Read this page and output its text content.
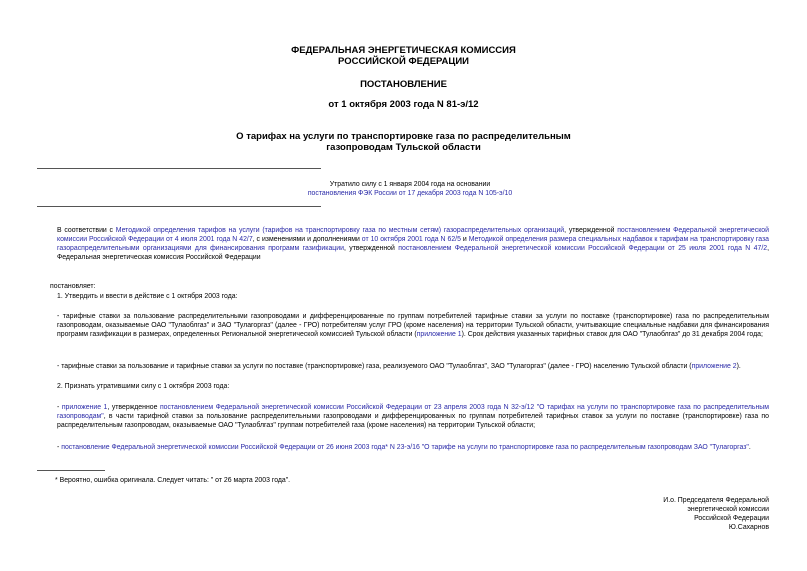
ФЕДЕРАЛЬНАЯ ЭНЕРГЕТИЧЕСКАЯ КОМИССИЯ
РОССИЙСКОЙ ФЕДЕРАЦИИ
ПОСТАНОВЛЕНИЕ
от 1 октября 2003 года N 81-э/12
О тарифах на услуги по транспортировке газа по распределительным
газопроводам Тульской области
Утратило силу с 1 января 2004 года на основании
постановления ФЭК России от 17 декабря 2003 года N 105-э/10
В соответствии с Методикой определения тарифов на услуги (тарифов на транспортировку газа по местным сетям) газораспределительных организаций, утвержденной постановлением Федеральной энергетической комиссии Российской Федерации от 4 июля 2001 года N 42/7, с изменениями и дополнениями от 10 октября 2001 года N 62/5 и Методикой определения размера специальных надбавок к тарифам на транспортировку газа газораспределительными организациями для финансирования программ газификации, утвержденной постановлением Федеральной энергетической комиссии Российской Федерации от 25 июля 2001 года N 47/2, Федеральная энергетическая комиссия Российской Федерации
постановляет:
1. Утвердить и ввести в действие с 1 октября 2003 года:
- тарифные ставки за пользование распределительными газопроводами и дифференцированные по группам потребителей тарифные ставки за услуги по поставке (транспортировке) газа по распределительным газопроводам, оказываемые ОАО "Тулаоблгаз" и ЗАО "Тулагоргаз" (далее - ГРО) потребителям услуг ГРО (кроме населения) на территории Тульской области, учитывающие специальные надбавки для финансирования программ газификации в размерах, определенных Региональной энергетической комиссией Тульской области (приложение 1). Срок действия указанных тарифных ставок для ОАО "Тулаоблгаз" до 31 декабря 2004 года;
- тарифные ставки за пользование и тарифные ставки за услуги по поставке (транспортировке) газа, реализуемого ОАО "Тулаоблгаз", ЗАО "Тулагоргаз" (далее - ГРО) населению Тульской области (приложение 2).
2. Признать утратившими силу с 1 октября 2003 года:
- приложение 1, утвержденное постановлением Федеральной энергетической комиссии Российской Федерации от 23 апреля 2003 года N 32-э/12 "О тарифах на услуги по транспортировке газа по распределительным газопроводам", в части тарифной ставки за пользование распределительными газопроводами и дифференцированных по группам потребителей тарифных ставок за услуги по поставке (транспортировке) газа по распределительным газопроводам, оказываемые ОАО "Тулаоблгаз" группам потребителей газа (кроме населения) на территории Тульской области;
- постановление Федеральной энергетической комиссии Российской Федерации от 26 июня 2003 года* N 23-э/16 "О тарифе на услуги по транспортировке газа по распределительным газопроводам ЗАО "Тулагоргаз".
* Вероятно, ошибка оригинала. Следует читать: " от 26 марта 2003 года".
И.о. Председателя Федеральной
энергетической комиссии
Российской Федерации
Ю.Сахарнов
